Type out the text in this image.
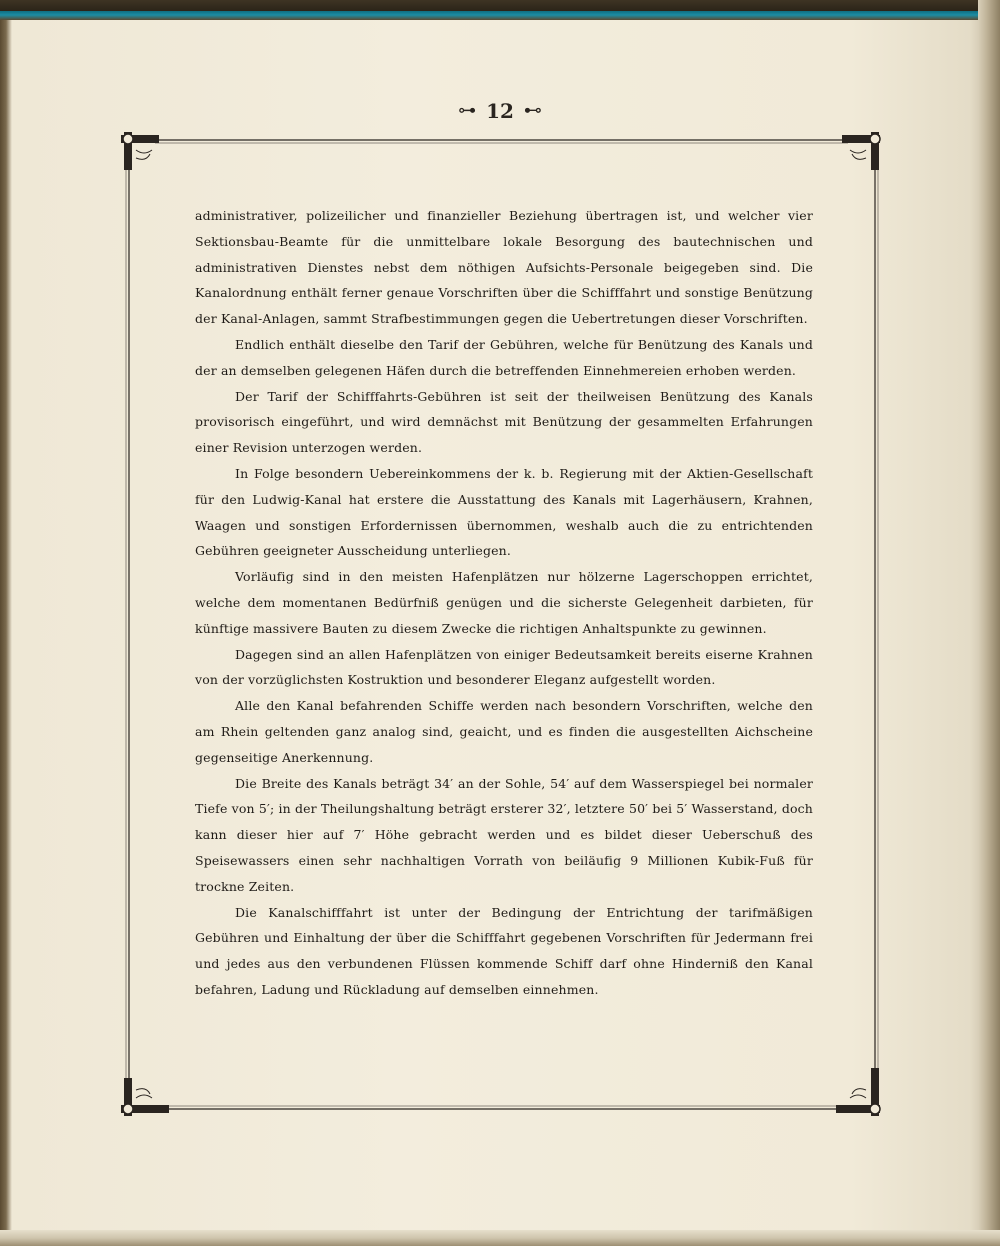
⊶ 12 ⊷

administrativer, polizeilicher und finanzieller Beziehung übertragen ist, und welcher vier Sektionsbau-Beamte für die unmittelbare lokale Besorgung des bautechnischen und administrativen Dienstes nebst dem nöthigen Aufsichts-Personale beigegeben sind. Die Kanalordnung enthält ferner genaue Vorschriften über die Schifffahrt und sonstige Benützung der Kanal-Anlagen, sammt Strafbestimmungen gegen die Uebertretungen dieser Vorschriften.

Endlich enthält dieselbe den Tarif der Gebühren, welche für Benützung des Kanals und der an demselben gelegenen Häfen durch die betreffenden Einnehmereien erhoben werden.

Der Tarif der Schifffahrts-Gebühren ist seit der theilweisen Benützung des Kanals provisorisch eingeführt, und wird demnächst mit Benützung der gesammelten Erfahrungen einer Revision unterzogen werden.

In Folge besondern Uebereinkommens der k. b. Regierung mit der Aktien-Gesellschaft für den Ludwig-Kanal hat erstere die Ausstattung des Kanals mit Lagerhäusern, Krahnen, Waagen und sonstigen Erfordernissen übernommen, weshalb auch die zu entrichtenden Gebühren geeigneter Ausscheidung unterliegen.

Vorläufig sind in den meisten Hafenplätzen nur hölzerne Lagerschoppen errichtet, welche dem momentanen Bedürfniß genügen und die sicherste Gelegenheit darbieten, für künftige massivere Bauten zu diesem Zwecke die richtigen Anhaltspunkte zu gewinnen.

Dagegen sind an allen Hafenplätzen von einiger Bedeutsamkeit bereits eiserne Krahnen von der vorzüglichsten Kostruktion und besonderer Eleganz aufgestellt worden.

Alle den Kanal befahrenden Schiffe werden nach besondern Vorschriften, welche den am Rhein geltenden ganz analog sind, geaicht, und es finden die ausgestellten Aichscheine gegenseitige Anerkennung.

Die Breite des Kanals beträgt 34′ an der Sohle, 54′ auf dem Wasserspiegel bei normaler Tiefe von 5′; in der Theilungshaltung beträgt ersterer 32′, letztere 50′ bei 5′ Wasserstand, doch kann dieser hier auf 7′ Höhe gebracht werden und es bildet dieser Ueberschuß des Speisewassers einen sehr nachhaltigen Vorrath von beiläufig 9 Millionen Kubik-Fuß für trockne Zeiten.

Die Kanalschifffahrt ist unter der Bedingung der Entrichtung der tarifmäßigen Gebühren und Einhaltung der über die Schifffahrt gegebenen Vorschriften für Jedermann frei und jedes aus den verbundenen Flüssen kommende Schiff darf ohne Hinderniß den Kanal befahren, Ladung und Rückladung auf demselben einnehmen.
